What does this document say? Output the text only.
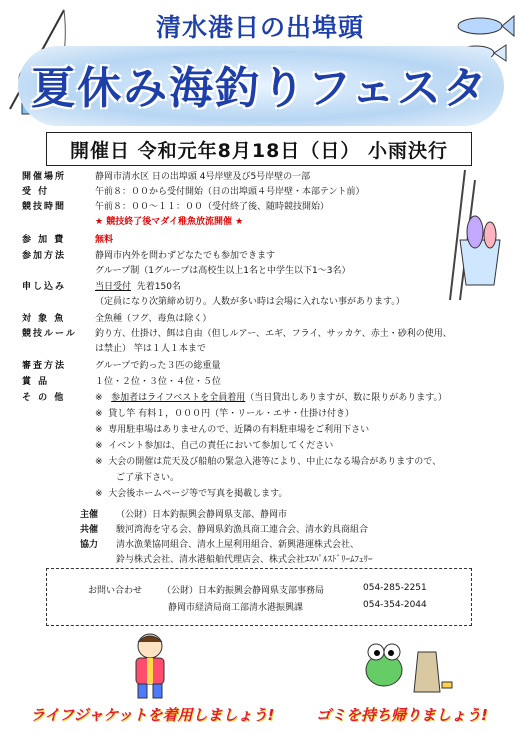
清水港日の出埠頭
夏休み海釣りフェスタ
開催日 令和元年8月18日（日） 小雨決行
開催場所	静岡市清水区 日の出埠頭 4号岸壁及び5号岸壁の一部
受 付	午前８：００から受付開始（日の出埠頭４号岸壁・本部テント前）
競技時間	午前８：００～１１：００（受付終了後、随時競技開始）
★ 競技終了後マダイ稚魚放流開催 ★
参 加 費	無料
参加方法	静岡市内外を問わずどなたでも参加できます
グループ制（1グループは高校生以上1名と中学生以下1～3名）
申し込み	当日受付 先着150名
（定員になり次第締め切り。人数が多い時は会場に入れない事があります。）
対 象 魚	全魚種（フグ、毒魚は除く）
競技ルール	釣り方、仕掛け、餌は自由（但しルアー、エギ、フライ、サッカケ、赤土・砂利の使用、
は禁止） 竿は１人１本まで
審査方法	グループで釣った３匹の総重量
賞 品	１位・２位・３位・４位・５位
そ の 他	※ 参加者はライフベストを全員着用（当日貸出しありますが、数に限りがあります。）
※ 貸し竿 有料１，０００円（竿・リール・エサ・仕掛け付き）
※ 専用駐車場はありませんので、近隣の有料駐車場をご利用下さい
※ イベント参加は、自己の責任において参加してください
※ 大会の開催は荒天及び船舶の緊急入港等により、中止になる場合がありますので、
ご了承下さい。
※ 大会後ホームページ等で写真を掲載します。
主催	（公財）日本釣振興会静岡県支部、静岡市
共催	駿河湾海を守る会、静岡県釣漁具商工連合会、清水釣具商組合
協力	清水漁業協同組合、清水上屋利用組合、新興港運株式会社、
鈴与株式会社、清水港船舶代理店会、株式会社ｴｽﾊﾟﾙｽﾄﾞﾘｰﾑﾌｪﾘｰ
お問い合わせ （公財）日本釣振興会静岡県支部事務局	054-285-2251
静岡市経済局商工部清水港振興課	054-354-2044
ライフジャケットを着用しましょう!	ゴミを持ち帰りましょう!
